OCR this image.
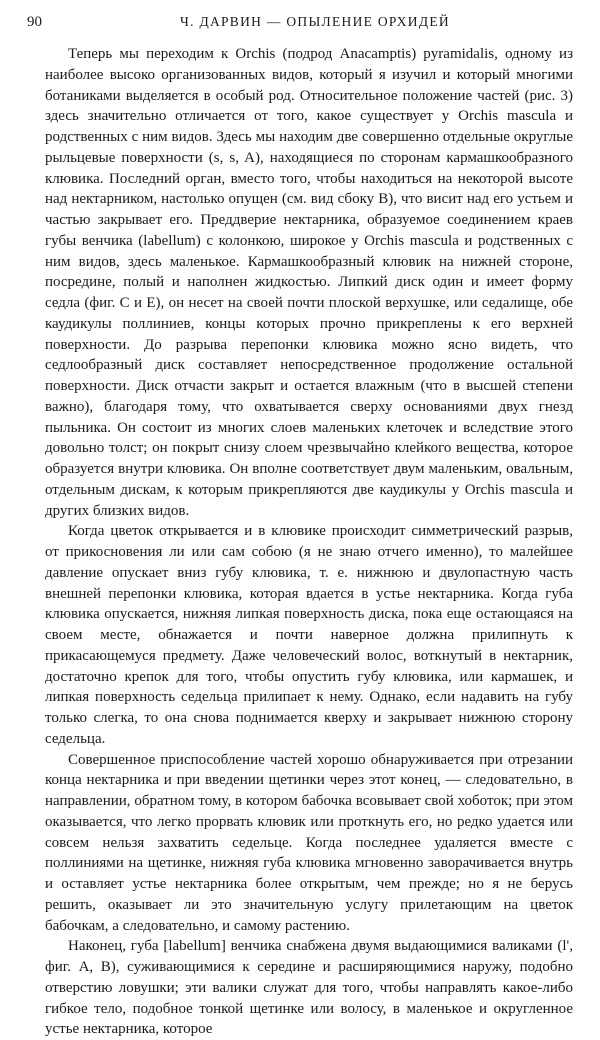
90	Ч. ДАРВИН — ОПЫЛЕНИЕ ОРХИДЕЙ

Теперь мы переходим к Orchis (подрод Anacamptis) pyramidalis, одному из наиболее высоко организованных видов, который я изучил и который многими ботаниками выделяется в особый род. Относительное положение частей (рис. 3) здесь значительно отличается от того, какое существует у Orchis mascula и родственных с ним видов. Здесь мы находим две совершенно отдельные округлые рыльцевые поверхности (s, s, A), находящиеся по сторонам кармашкообразного клювика. Последний орган, вместо того, чтобы находиться на некоторой высоте над нектарником, настолько опущен (см. вид сбоку B), что висит над его устьем и частью закрывает его. Преддверие нектарника, образуемое соединением краев губы венчика (labellum) с колонкою, широкое у Orchis mascula и родственных с ним видов, здесь маленькое. Кармашкообразный клювик на нижней стороне, посредине, полый и наполнен жидкостью. Липкий диск один и имеет форму седла (фиг. C и E), он несет на своей почти плоской верхушке, или седалище, обе каудикулы поллиниев, концы которых прочно прикреплены к его верхней поверхности. До разрыва перепонки клювика можно ясно видеть, что седлообразный диск составляет непосредственное продолжение остальной поверхности. Диск отчасти закрыт и остается влажным (что в высшей степени важно), благодаря тому, что охватывается сверху основаниями двух гнезд пыльника. Он состоит из многих слоев маленьких клеточек и вследствие этого довольно толст; он покрыт снизу слоем чрезвычайно клейкого вещества, которое образуется внутри клювика. Он вполне соответствует двум маленьким, овальным, отдельным дискам, к которым прикрепляются две каудикулы у Orchis mascula и других близких видов.

Когда цветок открывается и в клювике происходит симметрический разрыв, от прикосновения ли или сам собою (я не знаю отчего именно), то малейшее давление опускает вниз губу клювика, т. е. нижнюю и двулопастную часть внешней перепонки клювика, которая вдается в устье нектарника. Когда губа клювика опускается, нижняя липкая поверхность диска, пока еще остающаяся на своем месте, обнажается и почти наверное должна прилипнуть к прикасающемуся предмету. Даже человеческий волос, воткнутый в нектарник, достаточно крепок для того, чтобы опустить губу клювика, или кармашек, и липкая поверхность седельца прилипает к нему. Однако, если надавить на губу только слегка, то она снова поднимается кверху и закрывает нижнюю сторону седельца.

Совершенное приспособление частей хорошо обнаруживается при отрезании конца нектарника и при введении щетинки через этот конец, — следовательно, в направлении, обратном тому, в котором бабочка всовывает свой хоботок; при этом оказывается, что легко прорвать клювик или проткнуть его, но редко удается или совсем нельзя захватить седельце. Когда последнее удаляется вместе с поллиниями на щетинке, нижняя губа клювика мгновенно заворачивается внутрь и оставляет устье нектарника более открытым, чем прежде; но я не берусь решить, оказывает ли это значительную услугу прилетающим на цветок бабочкам, а следовательно, и самому растению.

Наконец, губа [labellum] венчика снабжена двумя выдающимися валиками (l', фиг. A, B), суживающимися к середине и расширяющимися наружу, подобно отверстию ловушки; эти валики служат для того, чтобы направлять какое-либо гибкое тело, подобное тонкой щетинке или волосу, в маленькое и округленное устье нектарника, которое
